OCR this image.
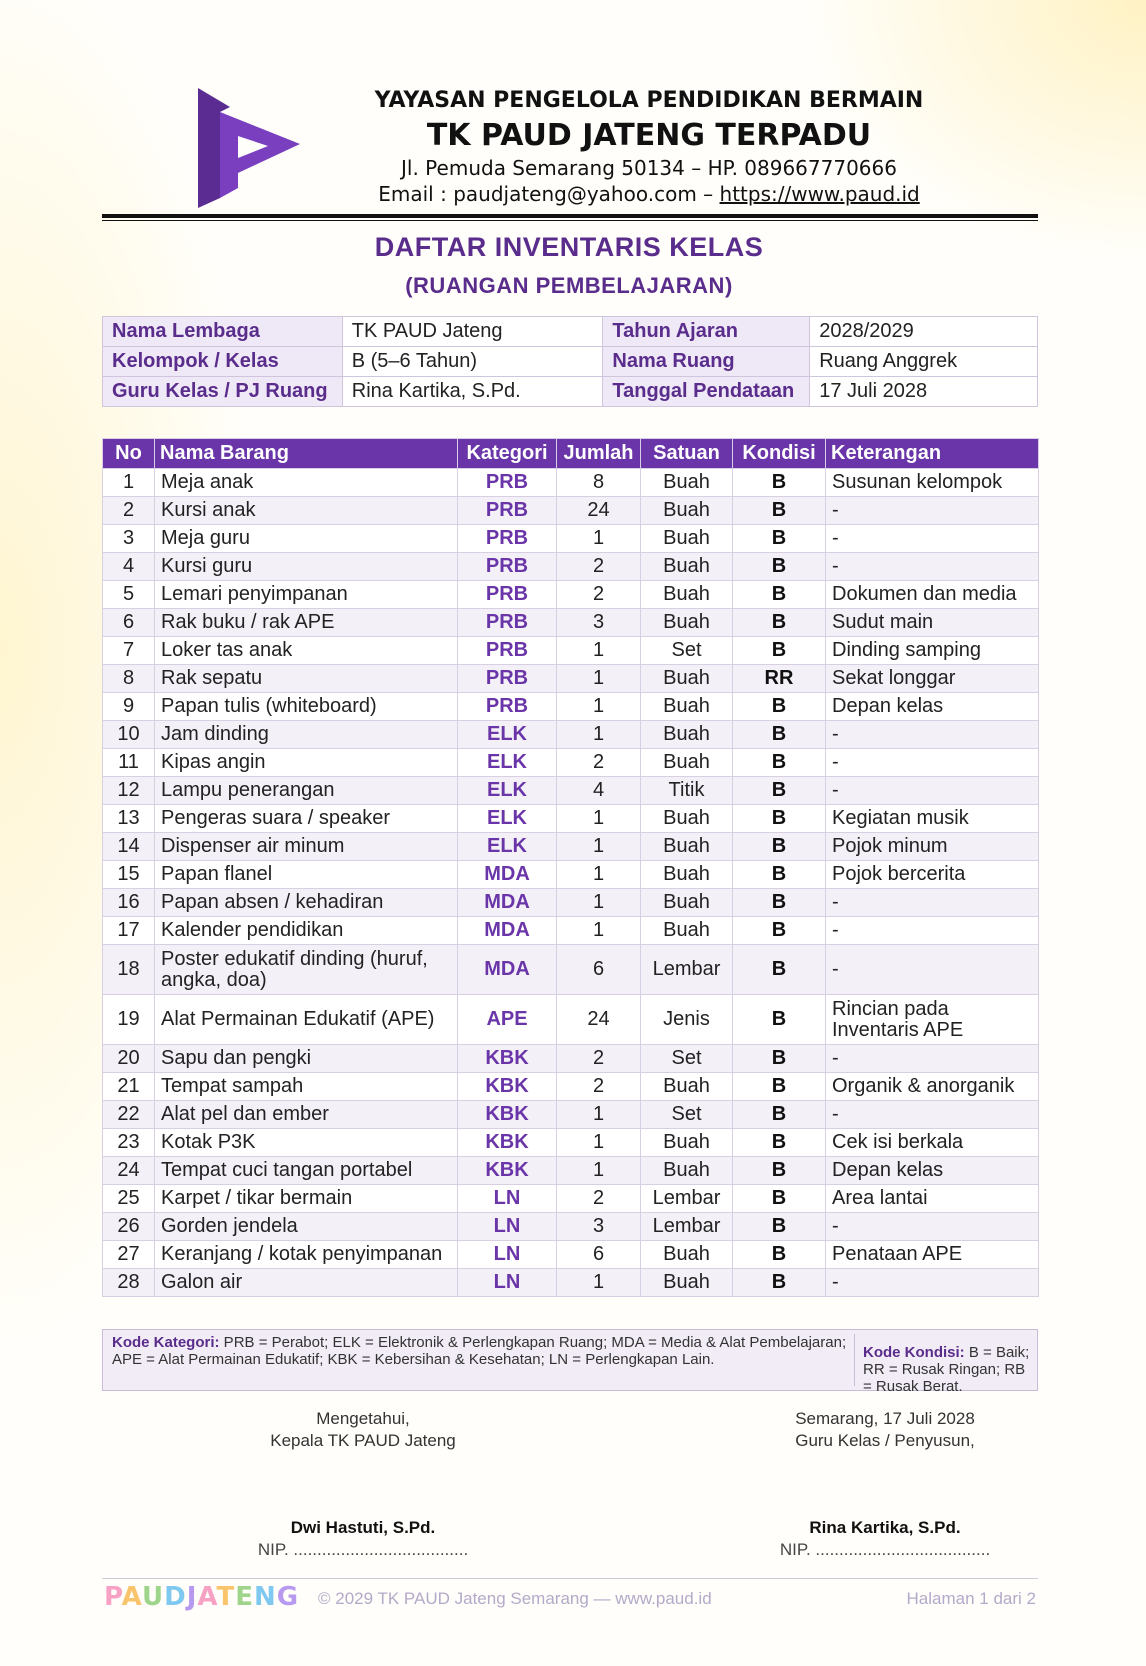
YAYASAN PENGELOLA PENDIDIKAN BERMAIN
TK PAUD JATENG TERPADU
Jl. Pemuda Semarang 50134 – HP. 089667770666
Email : paudjateng@yahoo.com – https://www.paud.id
DAFTAR INVENTARIS KELAS
(RUANGAN PEMBELAJARAN)
Nama Lembaga	TK PAUD Jateng	Tahun Ajaran	2028/2029
Kelompok / Kelas	B (5–6 Tahun)	Nama Ruang	Ruang Anggrek
Guru Kelas / PJ Ruang	Rina Kartika, S.Pd.	Tanggal Pendataan	17 Juli 2028
No	Nama Barang	Kategori	Jumlah	Satuan	Kondisi	Keterangan
1	Meja anak	PRB	8	Buah	B	Susunan kelompok
2	Kursi anak	PRB	24	Buah	B	-
3	Meja guru	PRB	1	Buah	B	-
4	Kursi guru	PRB	2	Buah	B	-
5	Lemari penyimpanan	PRB	2	Buah	B	Dokumen dan media
6	Rak buku / rak APE	PRB	3	Buah	B	Sudut main
7	Loker tas anak	PRB	1	Set	B	Dinding samping
8	Rak sepatu	PRB	1	Buah	RR	Sekat longgar
9	Papan tulis (whiteboard)	PRB	1	Buah	B	Depan kelas
10	Jam dinding	ELK	1	Buah	B	-
11	Kipas angin	ELK	2	Buah	B	-
12	Lampu penerangan	ELK	4	Titik	B	-
13	Pengeras suara / speaker	ELK	1	Buah	B	Kegiatan musik
14	Dispenser air minum	ELK	1	Buah	B	Pojok minum
15	Papan flanel	MDA	1	Buah	B	Pojok bercerita
16	Papan absen / kehadiran	MDA	1	Buah	B	-
17	Kalender pendidikan	MDA	1	Buah	B	-
18	Poster edukatif dinding (huruf, angka, doa)	MDA	6	Lembar	B	-
19	Alat Permainan Edukatif (APE)	APE	24	Jenis	B	Rincian pada Inventaris APE
20	Sapu dan pengki	KBK	2	Set	B	-
21	Tempat sampah	KBK	2	Buah	B	Organik & anorganik
22	Alat pel dan ember	KBK	1	Set	B	-
23	Kotak P3K	KBK	1	Buah	B	Cek isi berkala
24	Tempat cuci tangan portabel	KBK	1	Buah	B	Depan kelas
25	Karpet / tikar bermain	LN	2	Lembar	B	Area lantai
26	Gorden jendela	LN	3	Lembar	B	-
27	Keranjang / kotak penyimpanan	LN	6	Buah	B	Penataan APE
28	Galon air	LN	1	Buah	B	-
Kode Kategori: PRB = Perabot; ELK = Elektronik & Perlengkapan Ruang; MDA = Media & Alat Pembelajaran; APE = Alat Permainan Edukatif; KBK = Kebersihan & Kesehatan; LN = Perlengkapan Lain.	Kode Kondisi: B = Baik; RR = Rusak Ringan; RB = Rusak Berat.
Mengetahui,
Kepala TK PAUD Jateng
Dwi Hastuti, S.Pd.
NIP. .....................................
Semarang, 17 Juli 2028
Guru Kelas / Penyusun,
Rina Kartika, S.Pd.
NIP. .....................................
PAUDJATENG © 2029 TK PAUD Jateng Semarang — www.paud.id	Halaman 1 dari 2
